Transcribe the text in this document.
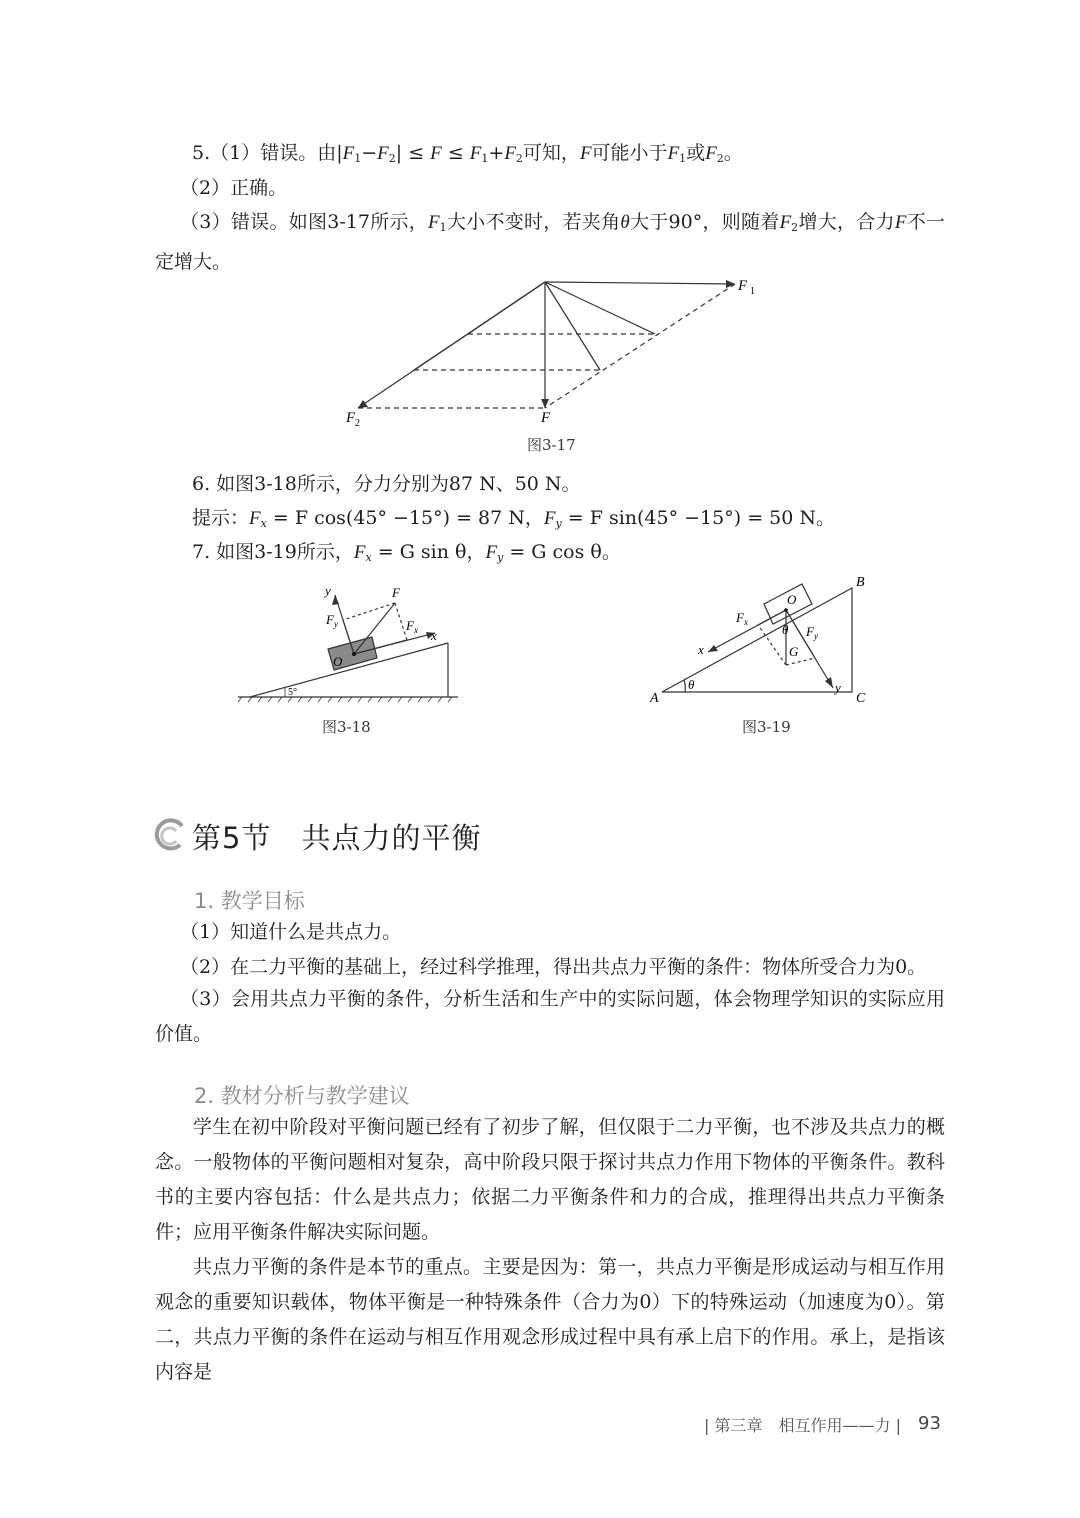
5.（1）错误。由$|F_1-F_2| \le F \le F_1+F_2$可知，F可能小于$F_1$或$F_2$。
（2）正确。
（3）错误。如图3-17所示，$F_1$大小不变时，若夹角θ大于90°，则随着$F_2$增大，合力F不一定增大。
F 1
F 2	F
图3-17
6. 如图3-18所示，分力分别为87 N、50 N。
提示：$F_x = F$ cos(45° −15°) = 87 N，$F_y = F$ sin(45° −15°) = 50 N。
7. 如图3-19所示，$F_x = G$ sin θ，$F_y = G$ cos θ。
y	F
F y	F x x
O
5°
图3-18
B
A	C
θ
O
θ
G
F x
F y
x
y
图3-19
第5节　共点力的平衡
1. 教学目标
（1）知道什么是共点力。
（2）在二力平衡的基础上，经过科学推理，得出共点力平衡的条件：物体所受合力为0。
（3）会用共点力平衡的条件，分析生活和生产中的实际问题，体会物理学知识的实际应用价值。
2. 教材分析与教学建议
学生在初中阶段对平衡问题已经有了初步了解，但仅限于二力平衡，也不涉及共点力的概念。一般物体的平衡问题相对复杂，高中阶段只限于探讨共点力作用下物体的平衡条件。教科书的主要内容包括：什么是共点力；依据二力平衡条件和力的合成，推理得出共点力平衡条件；应用平衡条件解决实际问题。
共点力平衡的条件是本节的重点。主要是因为：第一，共点力平衡是形成运动与相互作用观念的重要知识载体，物体平衡是一种特殊条件（合力为0）下的特殊运动（加速度为0）。第二，共点力平衡的条件在运动与相互作用观念形成过程中具有承上启下的作用。承上，是指该内容是
| 第三章　相互作用——力 | 93
